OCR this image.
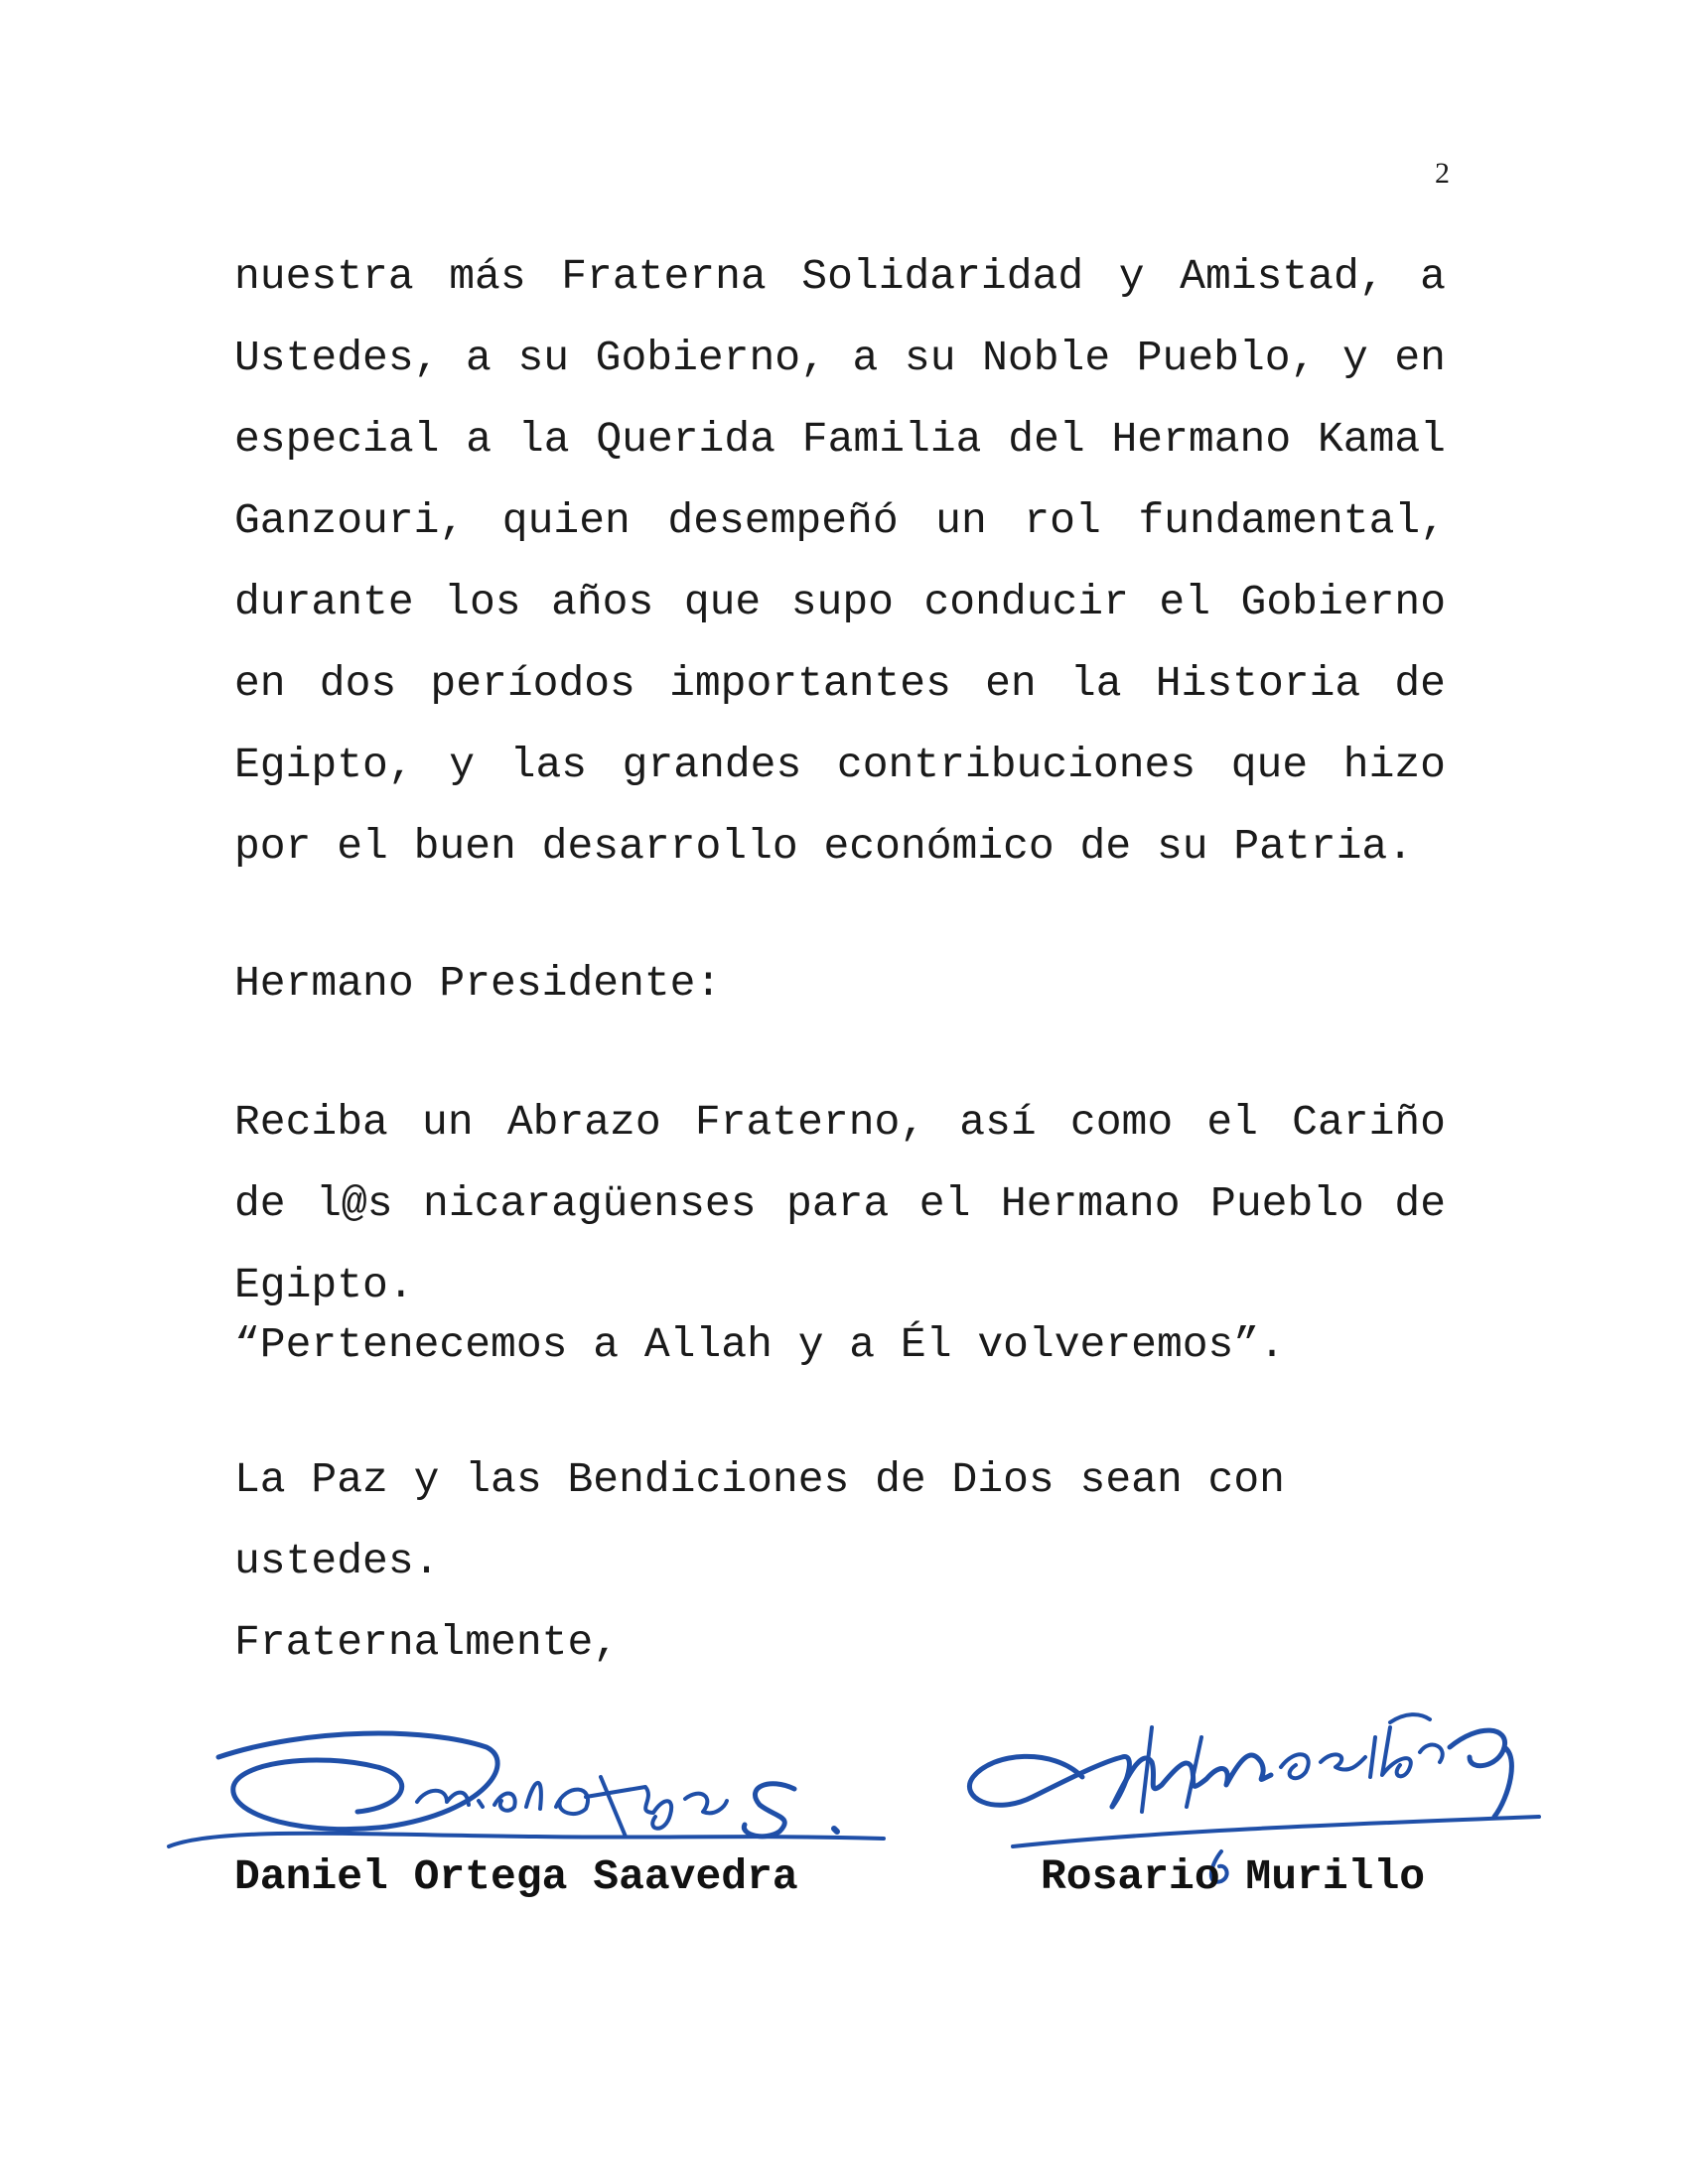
2
nuestra más Fraterna Solidaridad y Amistad, a Ustedes, a su Gobierno, a su Noble Pueblo, y en especial a la Querida Familia del Hermano Kamal Ganzouri, quien desempeñó un rol fundamental, durante los años que supo conducir el Gobierno en dos períodos importantes en la Historia de Egipto, y las grandes contribuciones que hizo por el buen desarrollo económico de su Patria.
Hermano Presidente:
Reciba un Abrazo Fraterno, así como el Cariño de l@s nicaragüenses para el Hermano Pueblo de Egipto.
“Pertenecemos a Allah y a Él volveremos”.
La Paz y las Bendiciones de Dios sean con ustedes.
Fraternalmente,
Daniel Ortega Saavedra	Rosario Murillo
